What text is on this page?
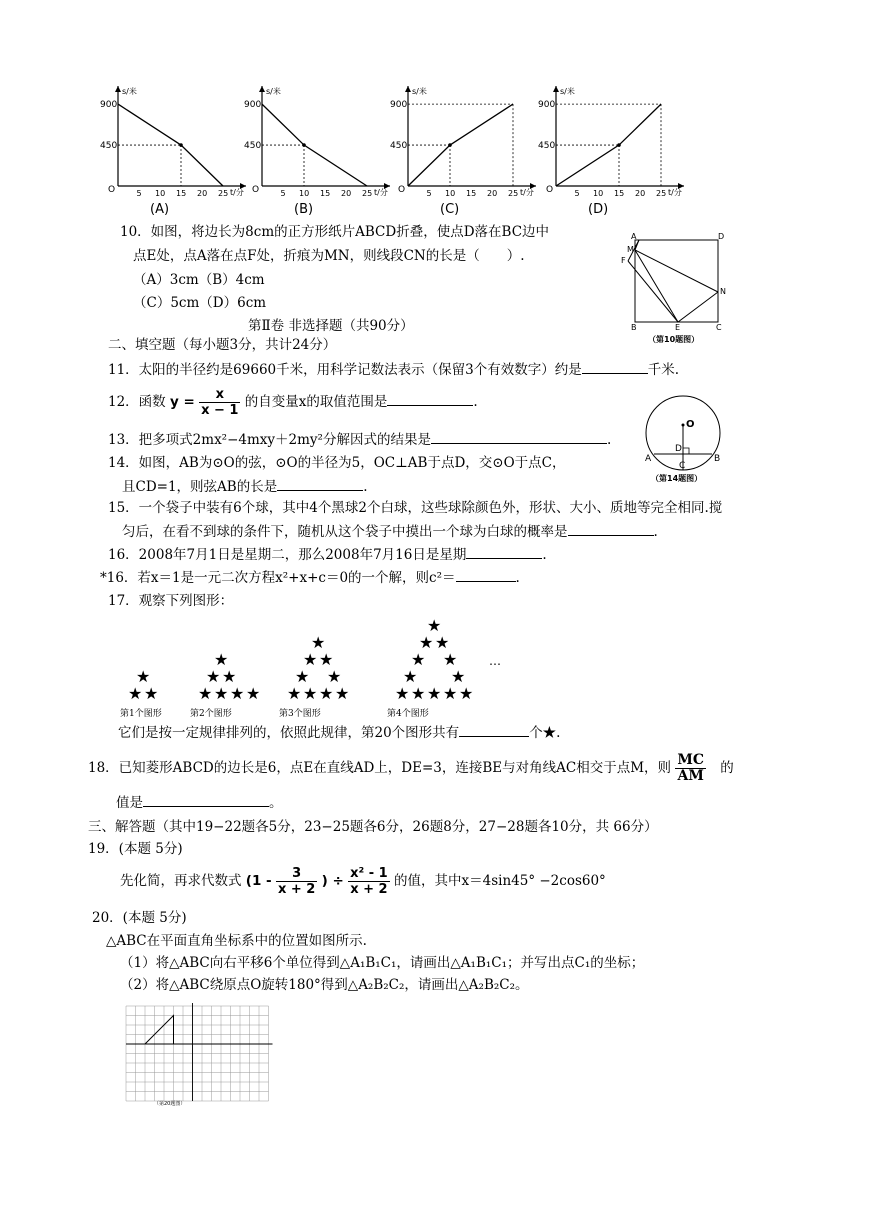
s/米
t/分
900
450
O	5 10 15 20 25
(A)
s/米
t/分
900
450
O	5 10 15 20 25
(B)
s/米
t/分
900
450
O	5 10 15 20 25
(C)
s/米
t/分
900
450
O	5 10 15 20 25
(D)
10．如图，将边长为8cm的正方形纸片ABCD折叠，使点D落在BC边中
点E处，点A落在点F处，折痕为MN，则线段CN的长是（　　）.
（A）3cm（B）4cm
（C）5cm（D）6cm
A	D
M
F
N
B	E	C
（第10题图）
第Ⅱ卷 非选择题（共90分）
二、填空题（每小题3分，共计24分）
11．太阳的半径约是69660千米，用科学记数法表示（保留3个有效数字）约是	千米.
12．函数 $y = \frac{x}{x - 1}$ 的自变量x的取值范围是	.
13．把多项式2mx²−4mxy＋2my²分解因式的结果是	.
14．如图，AB为⊙O的弦，⊙O的半径为5，OC⊥AB于点D，交⊙O于点C，
且CD=1，则弦AB的长是	.
O
D
A	B
C
（第14题图）
15．一个袋子中装有6个球，其中4个黑球2个白球，这些球除颜色外，形状、大小、质地等完全相同.搅
匀后，在看不到球的条件下，随机从这个袋子中摸出一个球为白球的概率是	.
16．2008年7月1日是星期二，那么2008年7月16日是星期	.
*16．若x＝1是一元二次方程x²+x+c＝0的一个解，则c²＝	.
17．观察下列图形：
★
★ ★
第1个图形
★
★ ★
★ ★ ★ ★
第2个图形
★
★ ★
★ ★
★ ★ ★ ★
第3个图形
★
★ ★
★ ★
★ ★
★ ★ ★ ★ ★
第4个图形
…
它们是按一定规律排列的，依照此规律，第20个图形共有	个★.
18．已知菱形ABCD的边长是6，点E在直线AD上，DE=3，连接BE与对角线AC相交于点M，则 $\frac{MC}{AM}$ 的
值是	。
三、解答题（其中19−22题各5分，23−25题各6分，26题8分，27−28题各10分，共 66分）
19．(本题 5分)
先化简，再求代数式 ($1 - \frac{3}{x + 2}$ ) ÷ $\frac{\text{x² - 1}}{x + 2}$ 的值，其中x＝4sin45° −2cos60°
20．(本题 5分)
△ABC在平面直角坐标系中的位置如图所示.
（1）将△ABC向右平移6个单位得到△A₁B₁C₁，请画出△A₁B₁C₁；并写出点C₁的坐标；
（2）将△ABC绕原点O旋转180°得到△A₂B₂C₂，请画出△A₂B₂C₂。
（第20题图）
